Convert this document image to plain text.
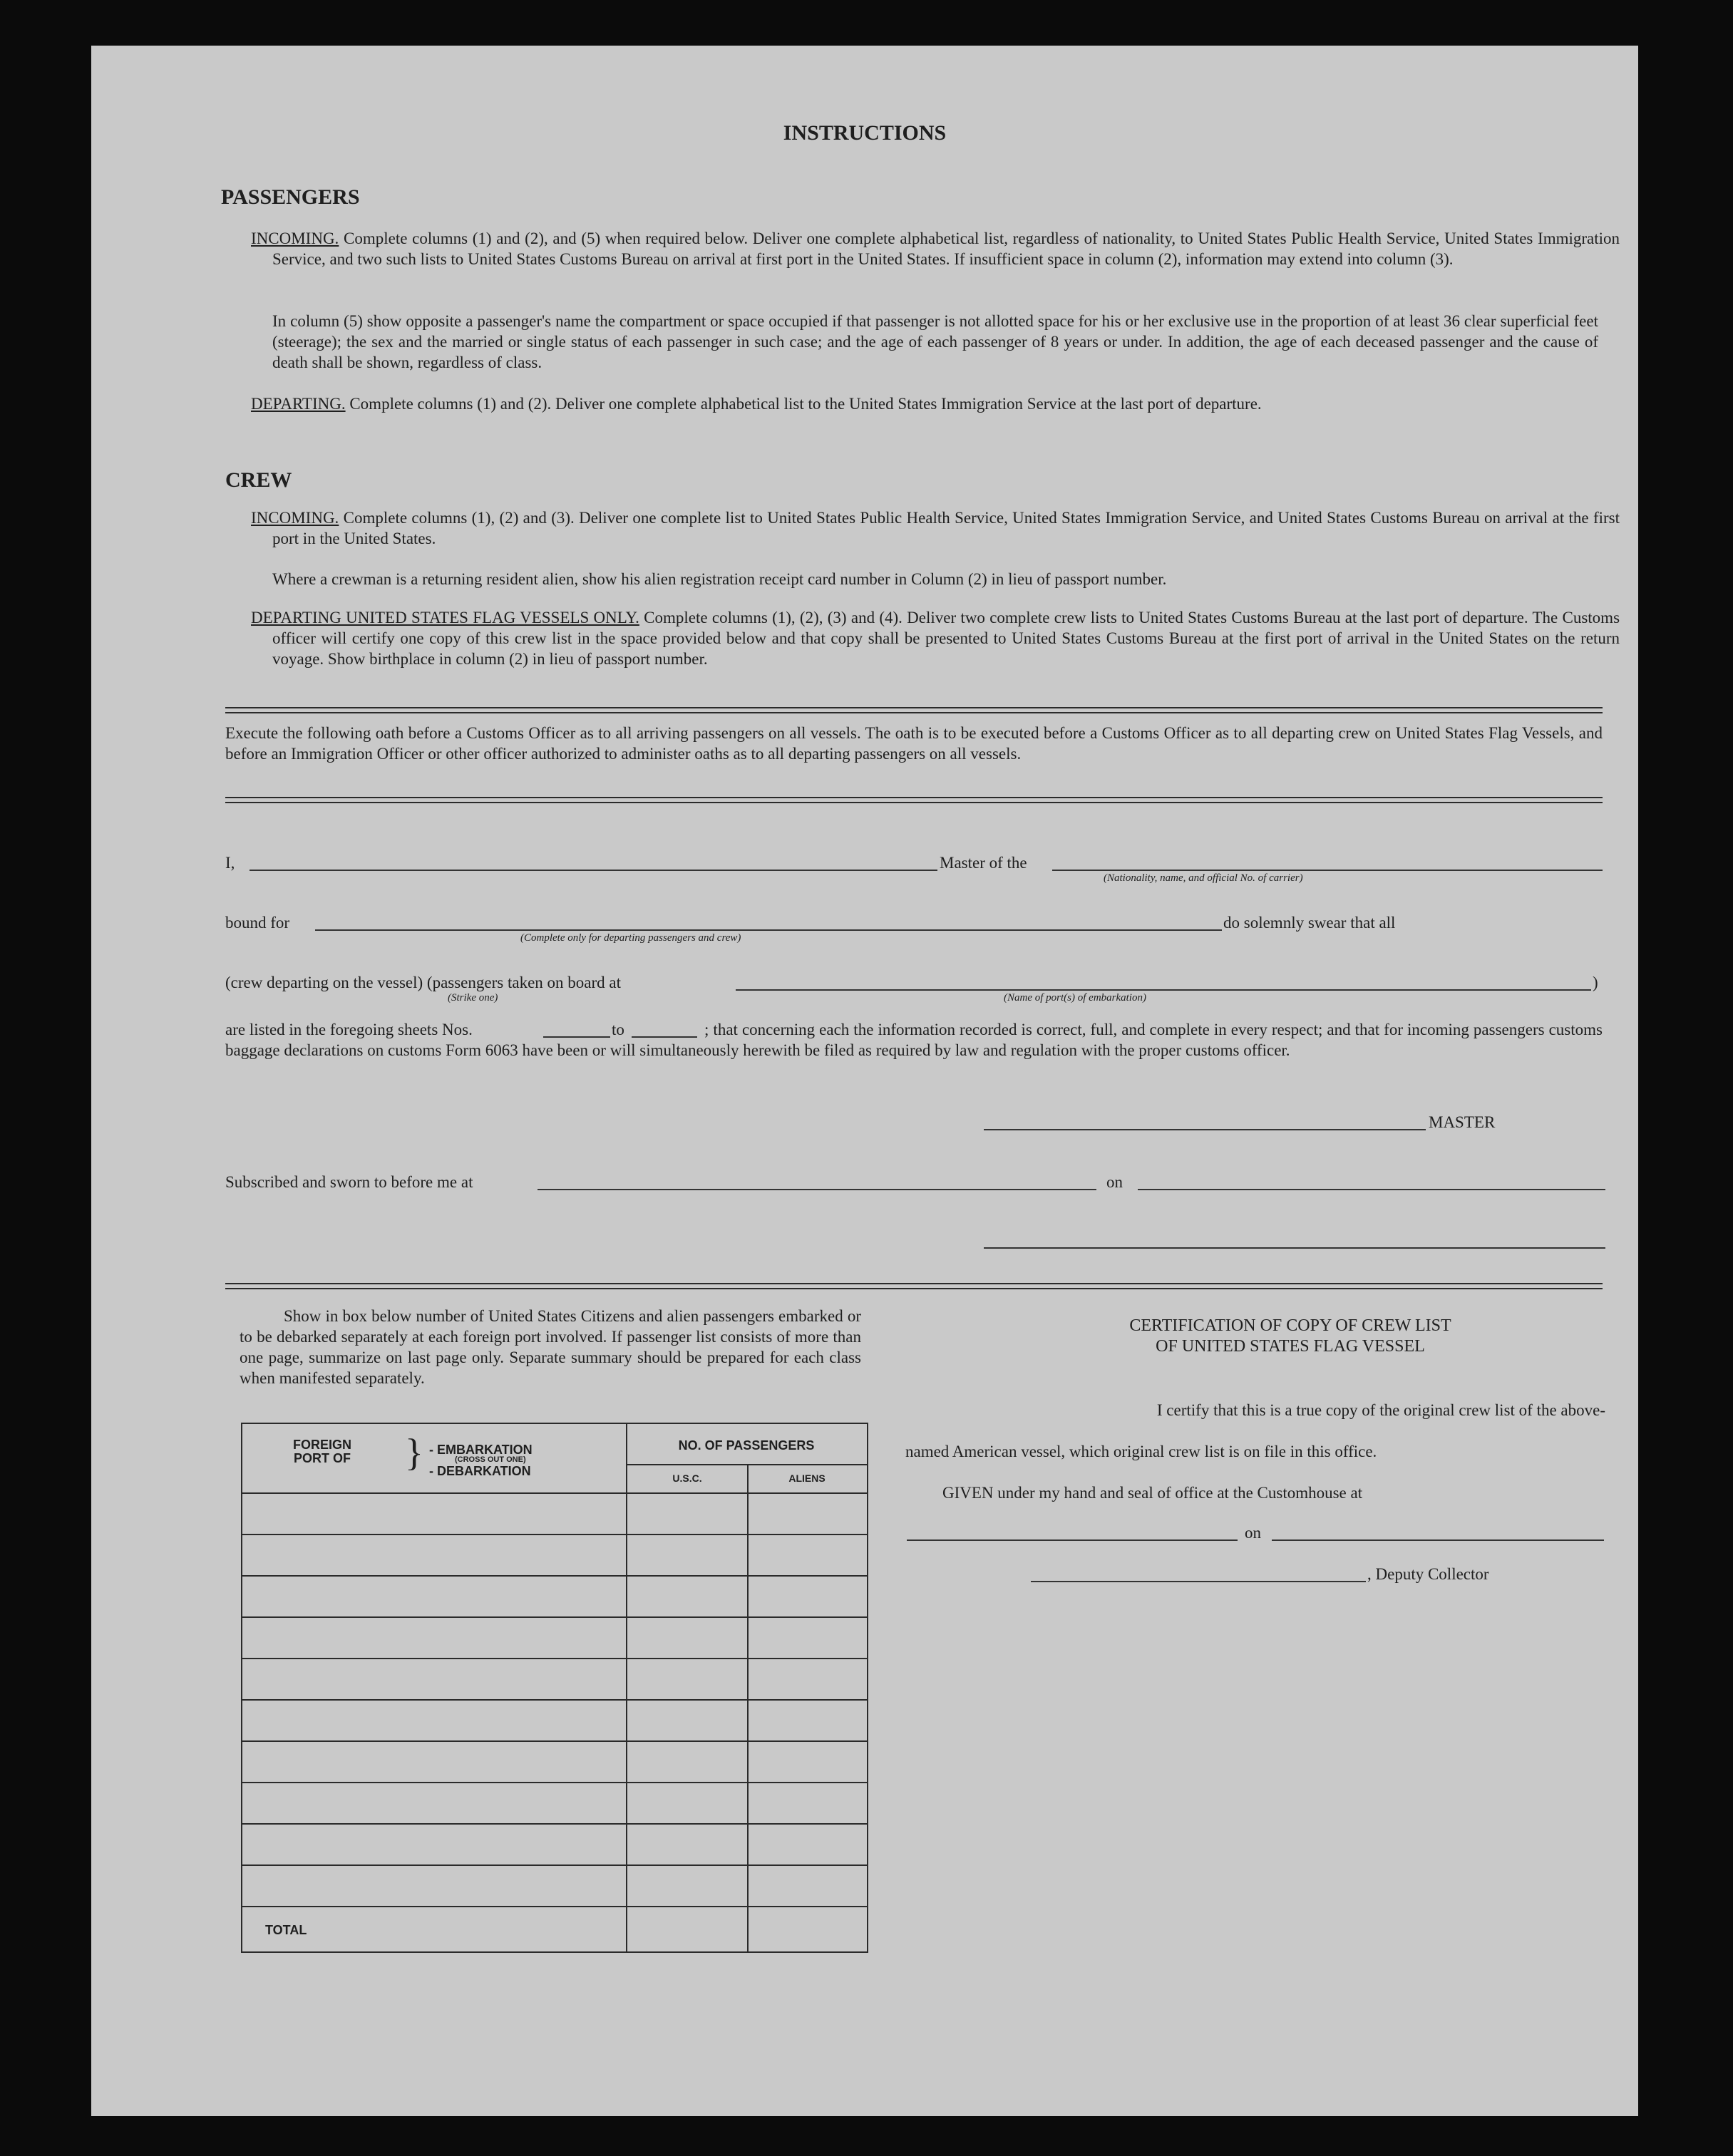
INSTRUCTIONS
PASSENGERS
INCOMING. Complete columns (1) and (2), and (5) when required below. Deliver one complete alphabetical list, regardless of nationality, to United States Public Health Service, United States Immigration Service, and two such lists to United States Customs Bureau on arrival at first port in the United States. If insufficient space in column (2), information may extend into column (3).
In column (5) show opposite a passenger's name the compartment or space occupied if that passenger is not allotted space for his or her exclusive use in the proportion of at least 36 clear superficial feet (steerage); the sex and the married or single status of each passenger in such case; and the age of each passenger of 8 years or under. In addition, the age of each deceased passenger and the cause of death shall be shown, regardless of class.
DEPARTING. Complete columns (1) and (2). Deliver one complete alphabetical list to the United States Immigration Service at the last port of departure.
CREW
INCOMING. Complete columns (1), (2) and (3). Deliver one complete list to United States Public Health Service, United States Immigration Service, and United States Customs Bureau on arrival at the first port in the United States.
Where a crewman is a returning resident alien, show his alien registration receipt card number in Column (2) in lieu of passport number.
DEPARTING UNITED STATES FLAG VESSELS ONLY. Complete columns (1), (2), (3) and (4). Deliver two complete crew lists to United States Customs Bureau at the last port of departure. The Customs officer will certify one copy of this crew list in the space provided below and that copy shall be presented to United States Customs Bureau at the first port of arrival in the United States on the return voyage. Show birthplace in column (2) in lieu of passport number.
Execute the following oath before a Customs Officer as to all arriving passengers on all vessels. The oath is to be executed before a Customs Officer as to all departing crew on United States Flag Vessels, and before an Immigration Officer or other officer authorized to administer oaths as to all departing passengers on all vessels.
I,	Master of the
(Nationality, name, and official No. of carrier)
bound for
(Complete only for departing passengers and crew)
do solemnly swear that all
(crew departing on the vessel) (passengers taken on board at
(Strike one)	(Name of port(s) of embarkation)
)
are listed in the foregoing sheets Nos.	to	; that concerning each the information recorded is correct, full, and complete in every respect; and that for incoming passengers customs baggage declarations on customs Form 6063 have been or will simultaneously herewith be filed as required by law and regulation with the proper customs officer.
MASTER
Subscribed and sworn to before me at	on
Show in box below number of United States Citizens and alien passengers embarked or to be debarked separately at each foreign port involved. If passenger list consists of more than one page, summarize on last page only. Separate summary should be prepared for each class when manifested separately.
FOREIGN PORT OF } - EMBARKATION
(CROSS OUT ONE)
- DEBARKATION
NO. OF PASSENGERS
U.S.C.	ALIENS
TOTAL
CERTIFICATION OF COPY OF CREW LIST
OF UNITED STATES FLAG VESSEL
I certify that this is a true copy of the original crew list of the above-
named American vessel, which original crew list is on file in this office.
GIVEN under my hand and seal of office at the Customhouse at
on
, Deputy Collector
